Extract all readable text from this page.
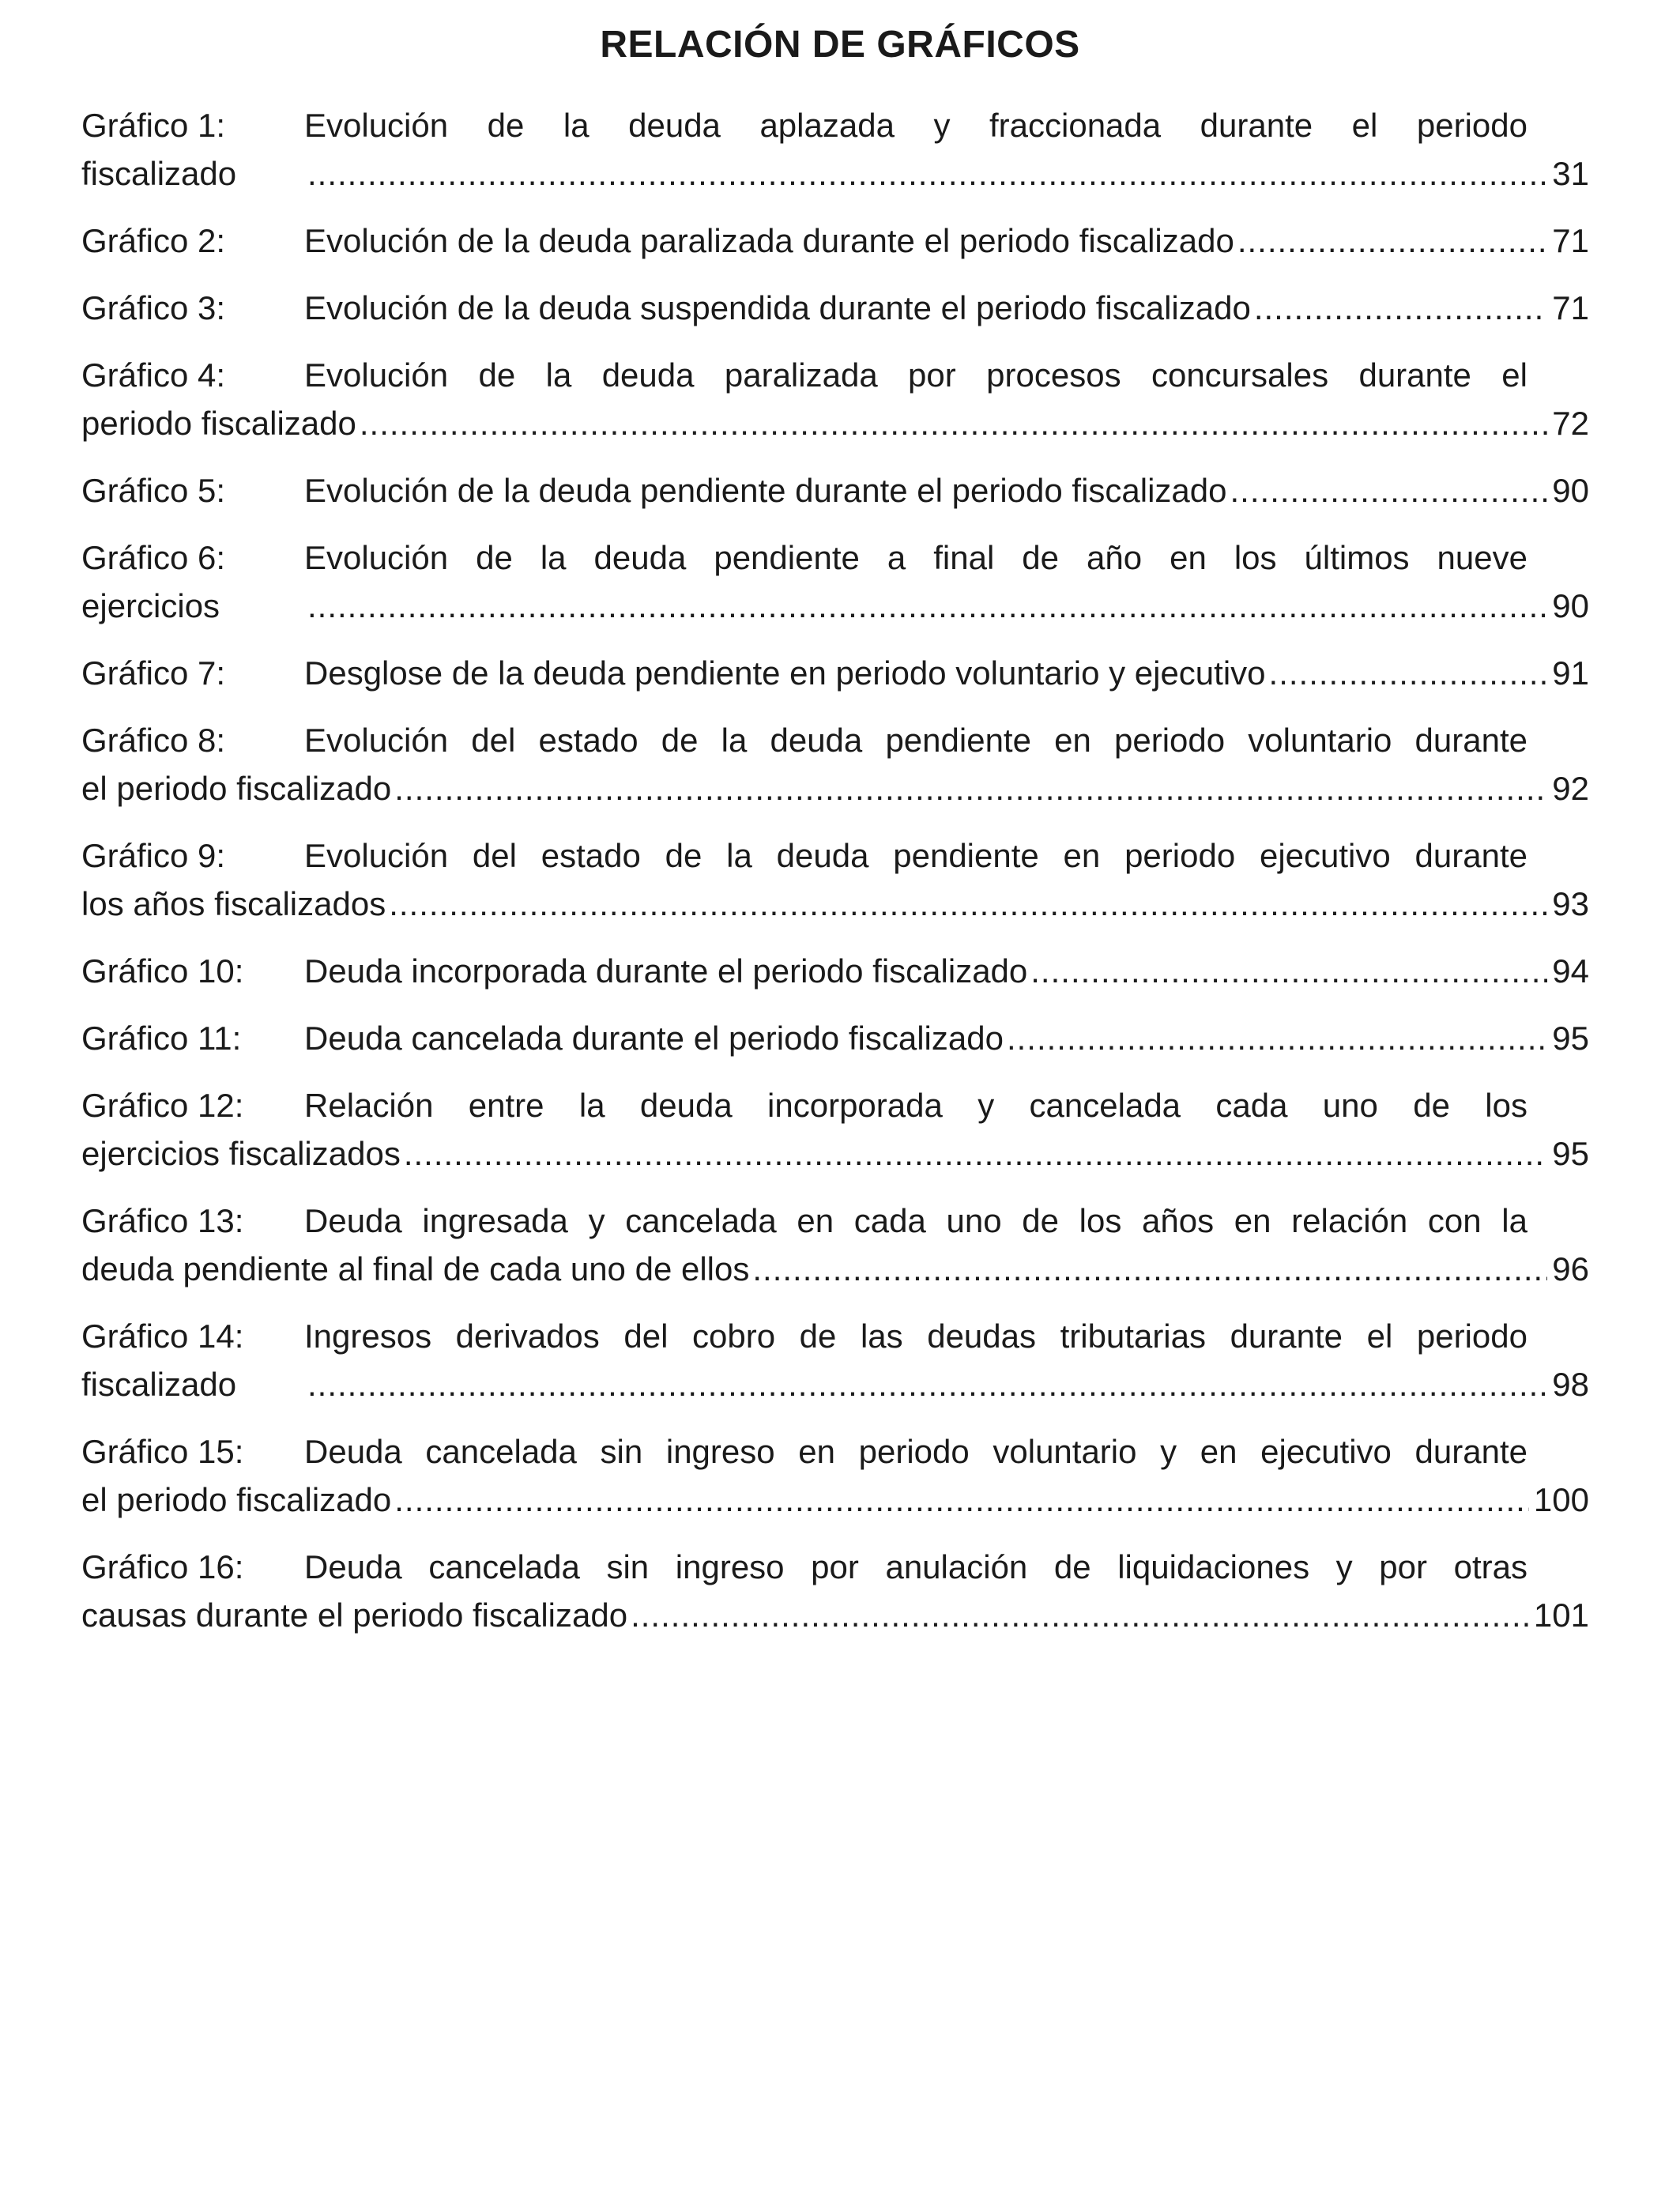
RELACIÓN DE GRÁFICOS
Gráfico 1:	Evolución de la deuda aplazada y fraccionada durante el periodo
fiscalizado .....	31
Gráfico 2:	Evolución de la deuda paralizada durante el periodo fiscalizado .....	71
Gráfico 3:	Evolución de la deuda suspendida durante el periodo fiscalizado .....	71
Gráfico 4:	Evolución de la deuda paralizada por procesos concursales durante el
periodo fiscalizado .....	72
Gráfico 5:	Evolución de la deuda pendiente durante el periodo fiscalizado .....	90
Gráfico 6:	Evolución de la deuda pendiente a final de año en los últimos nueve
ejercicios .....	90
Gráfico 7:	Desglose de la deuda pendiente en periodo voluntario y ejecutivo .....	91
Gráfico 8:	Evolución del estado de la deuda pendiente en periodo voluntario durante
el periodo fiscalizado .....	92
Gráfico 9:	Evolución del estado de la deuda pendiente en periodo ejecutivo durante
los años fiscalizados .....	93
Gráfico 10:	Deuda incorporada durante el periodo fiscalizado .....	94
Gráfico 11:	Deuda cancelada durante el periodo fiscalizado .....	95
Gráfico 12:	Relación entre la deuda incorporada y cancelada cada uno de los
ejercicios fiscalizados .....	95
Gráfico 13:	Deuda ingresada y cancelada en cada uno de los años en relación con la
deuda pendiente al final de cada uno de ellos .....	96
Gráfico 14:	Ingresos derivados del cobro de las deudas tributarias durante el periodo
fiscalizado .....	98
Gráfico 15:	Deuda cancelada sin ingreso en periodo voluntario y en ejecutivo durante
el periodo fiscalizado .....	100
Gráfico 16:	Deuda cancelada sin ingreso por anulación de liquidaciones y por otras
causas durante el periodo fiscalizado .....	101
